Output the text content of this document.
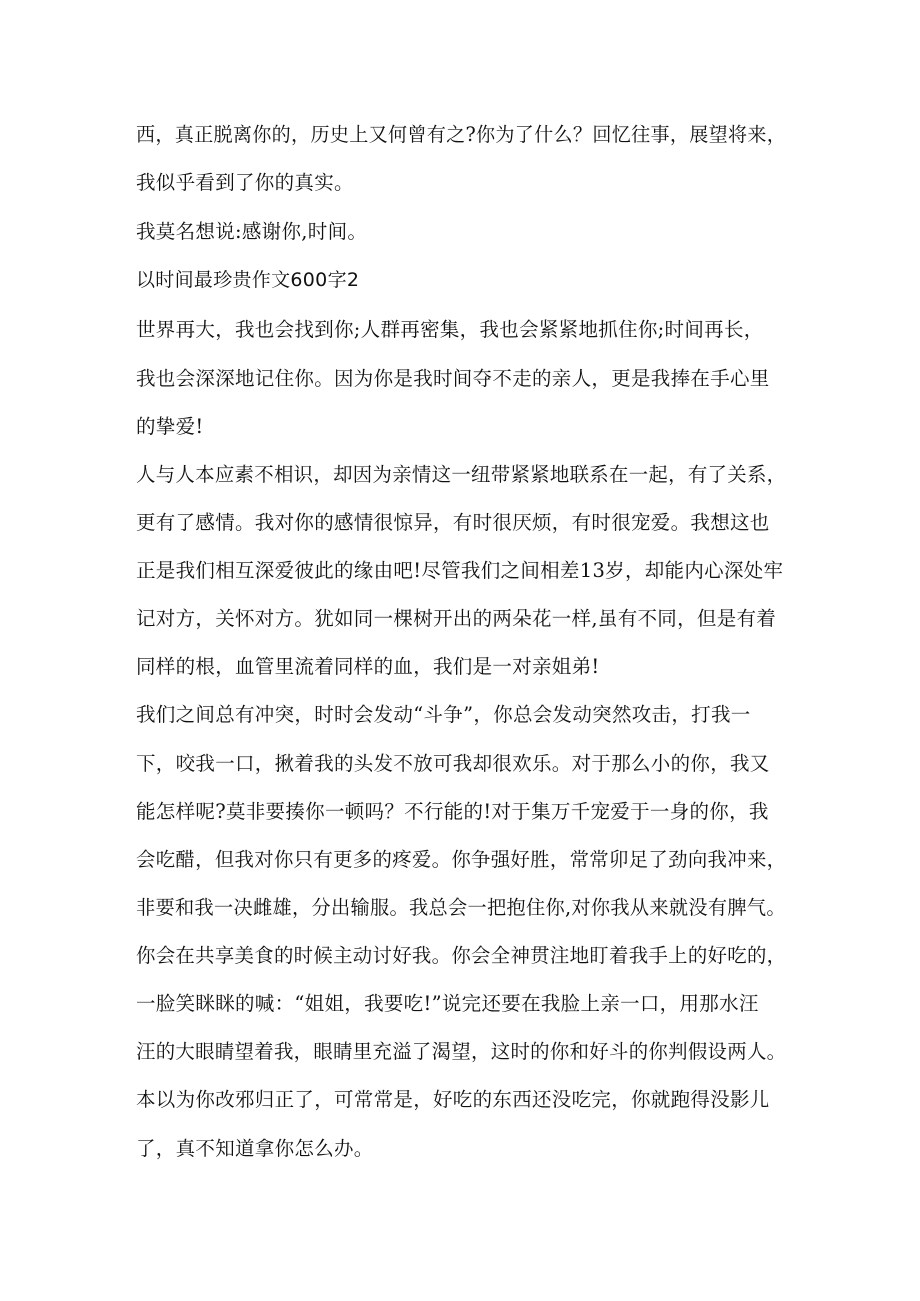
西，真正脱离你的，历史上又何曾有之?你为了什么？回忆往事，展望将来，
我似乎看到了你的真实。
我莫名想说:感谢你,时间。
以时间最珍贵作文600字2
世界再大，我也会找到你;人群再密集，我也会紧紧地抓住你;时间再长，
我也会深深地记住你。因为你是我时间夺不走的亲人，更是我捧在手心里
的挚爱!
人与人本应素不相识，却因为亲情这一纽带紧紧地联系在一起，有了关系，
更有了感情。我对你的感情很惊异，有时很厌烦，有时很宠爱。我想这也
正是我们相互深爱彼此的缘由吧!尽管我们之间相差13岁，却能内心深处牢
记对方，关怀对方。犹如同一棵树开出的两朵花一样,虽有不同，但是有着
同样的根，血管里流着同样的血，我们是一对亲姐弟!
我们之间总有冲突，时时会发动“斗争”，你总会发动突然攻击，打我一
下，咬我一口，揪着我的头发不放可我却很欢乐。对于那么小的你，我又
能怎样呢?莫非要揍你一顿吗？不行能的!对于集万千宠爱于一身的你，我
会吃醋，但我对你只有更多的疼爱。你争强好胜，常常卯足了劲向我冲来，
非要和我一决雌雄，分出输服。我总会一把抱住你,对你我从来就没有脾气。
你会在共享美食的时候主动讨好我。你会全神贯注地盯着我手上的好吃的，
一脸笑眯眯的喊：“姐姐，我要吃!”说完还要在我脸上亲一口，用那水汪
汪的大眼睛望着我，眼睛里充溢了渴望，这时的你和好斗的你判假设两人。
本以为你改邪归正了，可常常是，好吃的东西还没吃完，你就跑得没影儿
了，真不知道拿你怎么办。
